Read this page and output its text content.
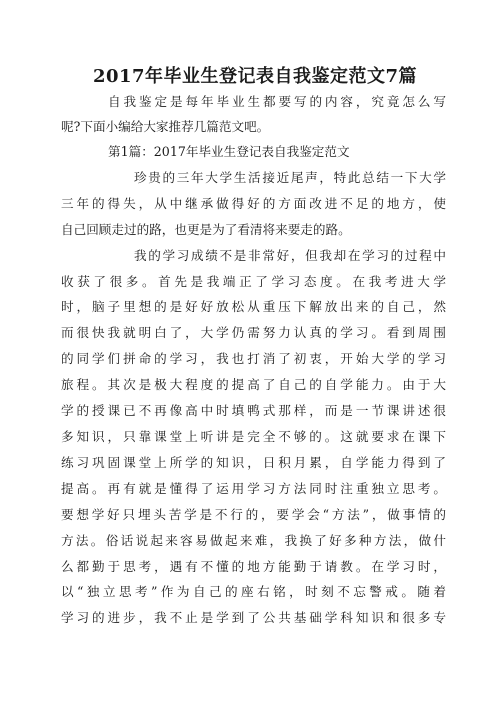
2017年毕业生登记表自我鉴定范文7篇
自我鉴定是每年毕业生都要写的内容，究竟怎么写
呢?下面小编给大家推荐几篇范文吧。
第1篇：2017年毕业生登记表自我鉴定范文
珍贵的三年大学生活接近尾声，特此总结一下大学
三年的得失，从中继承做得好的方面改进不足的地方，使
自己回顾走过的路，也更是为了看清将来要走的路。
我的学习成绩不是非常好，但我却在学习的过程中
收获了很多。首先是我端正了学习态度。在我考进大学
时，脑子里想的是好好放松从重压下解放出来的自己，然
而很快我就明白了，大学仍需努力认真的学习。看到周围
的同学们拼命的学习，我也打消了初衷，开始大学的学习
旅程。其次是极大程度的提高了自己的自学能力。由于大
学的授课已不再像高中时填鸭式那样，而是一节课讲述很
多知识，只靠课堂上听讲是完全不够的。这就要求在课下
练习巩固课堂上所学的知识，日积月累，自学能力得到了
提高。再有就是懂得了运用学习方法同时注重独立思考。
要想学好只埋头苦学是不行的，要学会“方法”，做事情的
方法。俗话说起来容易做起来难，我换了好多种方法，做什
么都勤于思考，遇有不懂的地方能勤于请教。在学习时，
以“独立思考”作为自己的座右铭，时刻不忘警戒。随着
学习的进步，我不止是学到了公共基础学科知识和很多专
